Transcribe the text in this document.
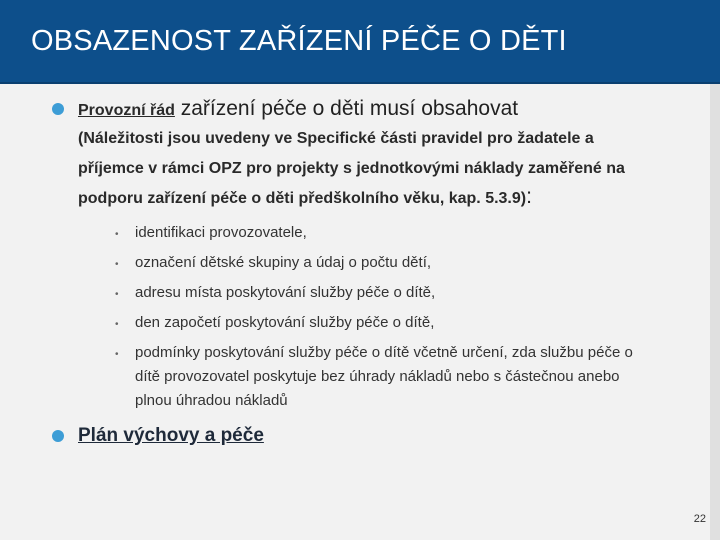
OBSAZENOST ZAŘÍZENÍ PÉČE O DĚTI
Provozní řád zařízení péče o děti musí obsahovat
(Náležitosti jsou uvedeny ve Specifické části pravidel pro žadatele a
příjemce v rámci OPZ pro projekty s jednotkovými náklady zaměřené na
podporu zařízení péče o děti předškolního věku, kap. 5.3.9):
• identifikaci provozovatele,
• označení dětské skupiny a údaj o počtu dětí,
• adresu místa poskytování služby péče o dítě,
• den započetí poskytování služby péče o dítě,
• podmínky poskytování služby péče o dítě včetně určení, zda službu péče o
dítě provozovatel poskytuje bez úhrady nákladů nebo s částečnou anebo
plnou úhradou nákladů
Plán výchovy a péče
22
